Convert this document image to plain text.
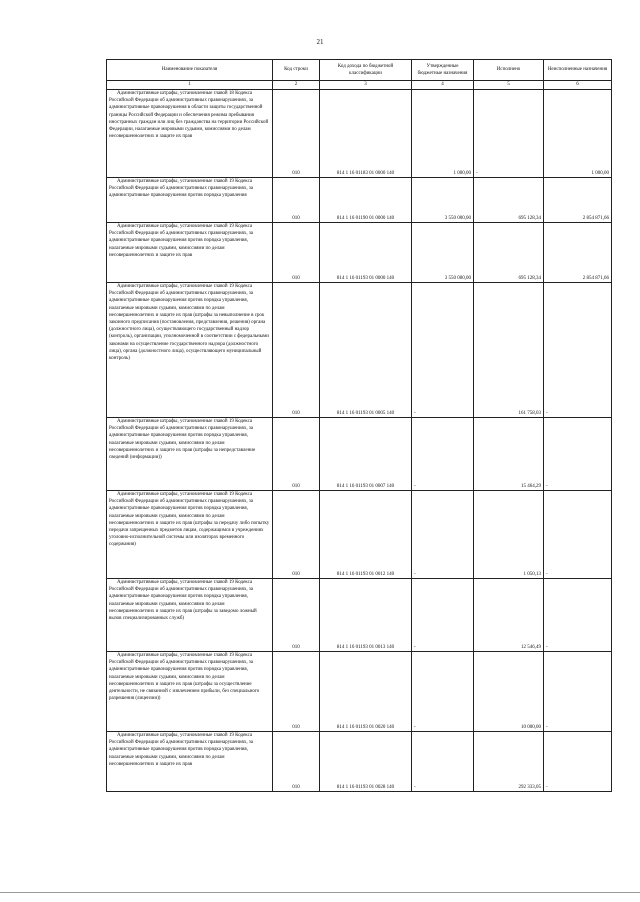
21
Наименование показателя	Код строки	Код дохода по бюджетной классификации	Утвержденные бюджетные назначения	Исполнено	Неисполненные назначения
1	2	3	4	5	6
Административные штрафы, установленные главой 18 Кодекса Российской Федерации об административных правонарушениях, за административные правонарушения в области защиты государственной границы Российской Федерации и обеспечения режима пребывания иностранных граждан или лиц без гражданства на территории Российской Федерации, налагаемые мировыми судьями, комиссиями по делам несовершеннолетних и защите их прав	010	814 1 16 01183 01 0000 140	1 000,00	-	1 000,00
Административные штрафы, установленные главой 19 Кодекса Российской Федерации об административных правонарушениях, за административные правонарушения против порядка управления	010	814 1 16 01190 01 0000 140	3 550 000,00	695 128,34	2 854 871,66
Административные штрафы, установленные главой 19 Кодекса Российской Федерации об административных правонарушениях, за административные правонарушения против порядка управления, налагаемые мировыми судьями, комиссиями по делам несовершеннолетних и защите их прав	010	814 1 16 01193 01 0000 140	3 550 000,00	695 128,34	2 854 871,66
Административные штрафы, установленные главой 19 Кодекса Российской Федерации об административных правонарушениях, за административные правонарушения против порядка управления, налагаемые мировыми судьями, комиссиями по делам несовершеннолетних и защите их прав (штрафы за невыполнение в срок законного предписания (постановления, представления, решения) органа (должностного лица), осуществляющего государственный надзор (контроль), организации, уполномоченной в соответствии с федеральными законами на осуществление государственного надзора (должностного лица), органа (должностного лица), осуществляющего муниципальный контроль)	010	814 1 16 01193 01 0005 140	-	161 758,03	-

Административные штрафы, установленные главой 19 Кодекса Российской Федерации об административных правонарушениях, за административные правонарушения против порядка управления, налагаемые мировыми судьями, комиссиями по делам несовершеннолетних и защите их прав (штрафы за непредставление сведений (информации))	010	814 1 16 01193 01 0007 140	-	15 464,29	-

Административные штрафы, установленные главой 19 Кодекса Российской Федерации об административных правонарушениях, за административные правонарушения против порядка управления, налагаемые мировыми судьями, комиссиями по делам несовершеннолетних и защите их прав (штрафы за передачу либо попытку передачи запрещенных предметов лицам, содержащимся в учреждениях уголовно-исполнительной системы или изоляторах временного содержания)	010	814 1 16 01193 01 0012 140	-	1 050,13	-

Административные штрафы, установленные главой 19 Кодекса Российской Федерации об административных правонарушениях, за административные правонарушения против порядка управления, налагаемые мировыми судьями, комиссиями по делам несовершеннолетних и защите их прав (штрафы за заведомо ложный вызов специализированных служб)	010	814 1 16 01193 01 0013 140	-	12 546,49	-

Административные штрафы, установленные главой 19 Кодекса Российской Федерации об административных правонарушениях, за административные правонарушения против порядка управления, налагаемые мировыми судьями, комиссиями по делам несовершеннолетних и защите их прав (штрафы за осуществление деятельности, не связанной с извлечением прибыли, без специального разрешения (лицензии))	010	814 1 16 01193 01 0020 140	-	10 000,00	-

Административные штрафы, установленные главой 19 Кодекса Российской Федерации об административных правонарушениях, за административные правонарушения против порядка управления, налагаемые мировыми судьями, комиссиями по делам несовершеннолетних и защите их прав	010	814 1 16 01193 01 0028 140	-	292 333,05	-
